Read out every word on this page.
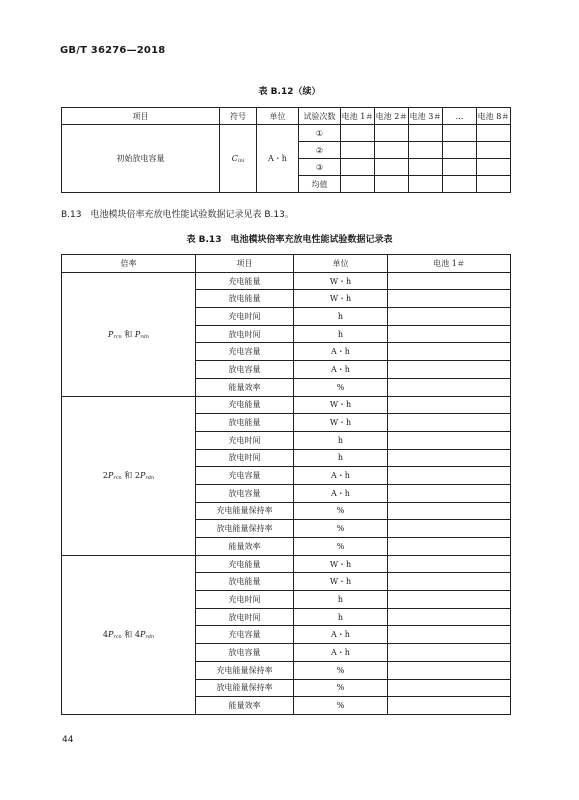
GB/T 36276—2018
表 B.12（续）
项目	符号	单位	试验次数	电池 1＃	电池 2＃	电池 3＃	…	电池 8＃
初始放电容量	$C_{ini}$	A・h	①					
			②					
			③					
			均值					
B.13　电池模块倍率充放电性能试验数据记录见表 B.13。
表 B.13　电池模块倍率充放电性能试验数据记录表
倍率	项目	单位	电池 1＃
$P_{rcn}$ 和 $P_{rdn}$	充电能量	W・h	
	放电能量	W・h	
	充电时间	h	
	放电时间	h	
	充电容量	A・h	
	放电容量	A・h	
	能量效率	%	
$2P_{rcn}$ 和 $2P_{rdn}$	充电能量	W・h	
	放电能量	W・h	
	充电时间	h	
	放电时间	h	
	充电容量	A・h	
	放电容量	A・h	
	充电能量保持率	%	
	放电能量保持率	%	
	能量效率	%	
$4P_{rcn}$ 和 $4P_{rdn}$	充电能量	W・h	
	放电能量	W・h	
	充电时间	h	
	放电时间	h	
	充电容量	A・h	
	放电容量	A・h	
	充电能量保持率	%	
	放电能量保持率	%	
	能量效率	%	
44
